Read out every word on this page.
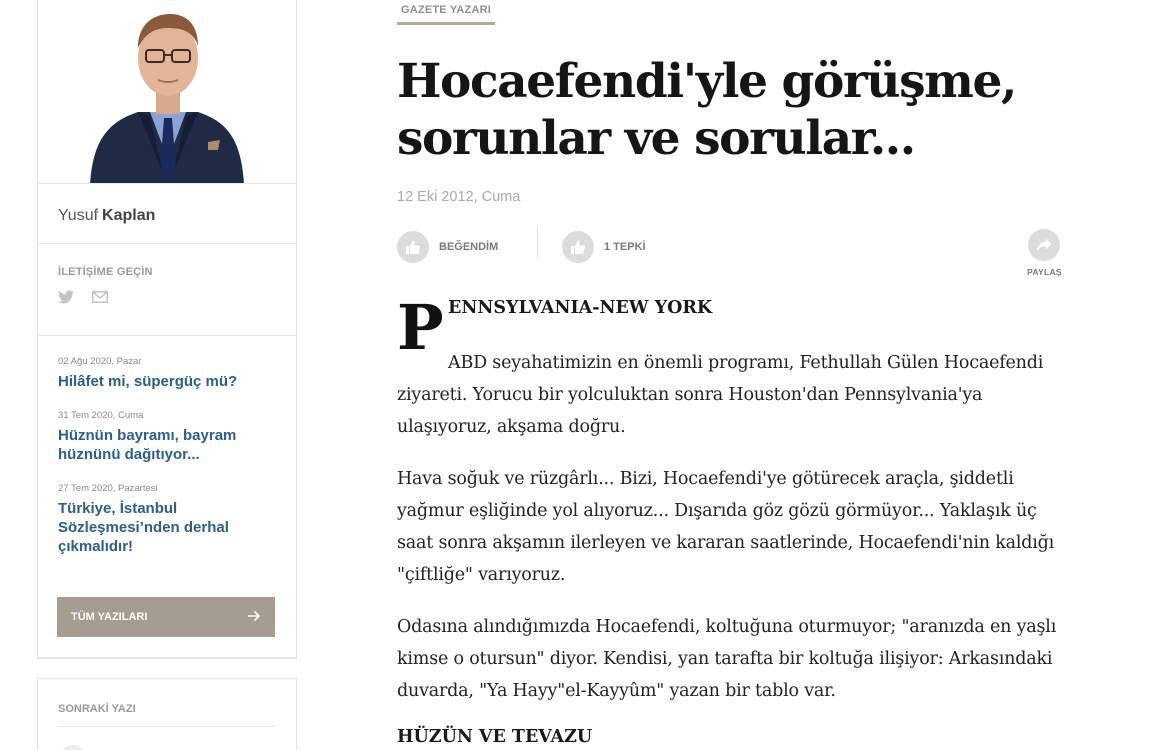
Yusuf Kaplan
İLETİŞİME GEÇİN
02 Ağu 2020, Pazar
Hilâfet mi, süpergüç mü?
31 Tem 2020, Cuma
Hüznün bayramı, bayram hüznünü dağıtıyor...
27 Tem 2020, Pazartesi
Türkiye, İstanbul Sözleşmesi’nden derhal çıkmalıdır!
TÜM YAZILARI
SONRAKİ YAZI
GAZETE YAZARI
Hocaefendi'yle görüşme, sorunlar ve sorular...
12 Eki 2012, Cuma
BEĞENDİM	1 TEPKİ
PAYLAŞ
P ENNSYLVANIA-NEW YORK

ABD seyahatimizin en önemli programı, Fethullah Gülen Hocaefendi ziyareti. Yorucu bir yolculuktan sonra Houston'dan Pennsylvania'ya ulaşıyoruz, akşama doğru.

Hava soğuk ve rüzgârlı... Bizi, Hocaefendi'ye götürecek araçla, şiddetli yağmur eşliğinde yol alıyoruz... Dışarıda göz gözü görmüyor... Yaklaşık üç saat sonra akşamın ilerleyen ve kararan saatlerinde, Hocaefendi'nin kaldığı "çiftliğe" varıyoruz.

Odasına alındığımızda Hocaefendi, koltuğuna oturmuyor; "aranızda en yaşlı kimse o otursun" diyor. Kendisi, yan tarafta bir koltuğa ilişiyor: Arkasındaki duvarda, "Ya Hayy"el-Kayyûm" yazan bir tablo var.

HÜZÜN VE TEVAZU
